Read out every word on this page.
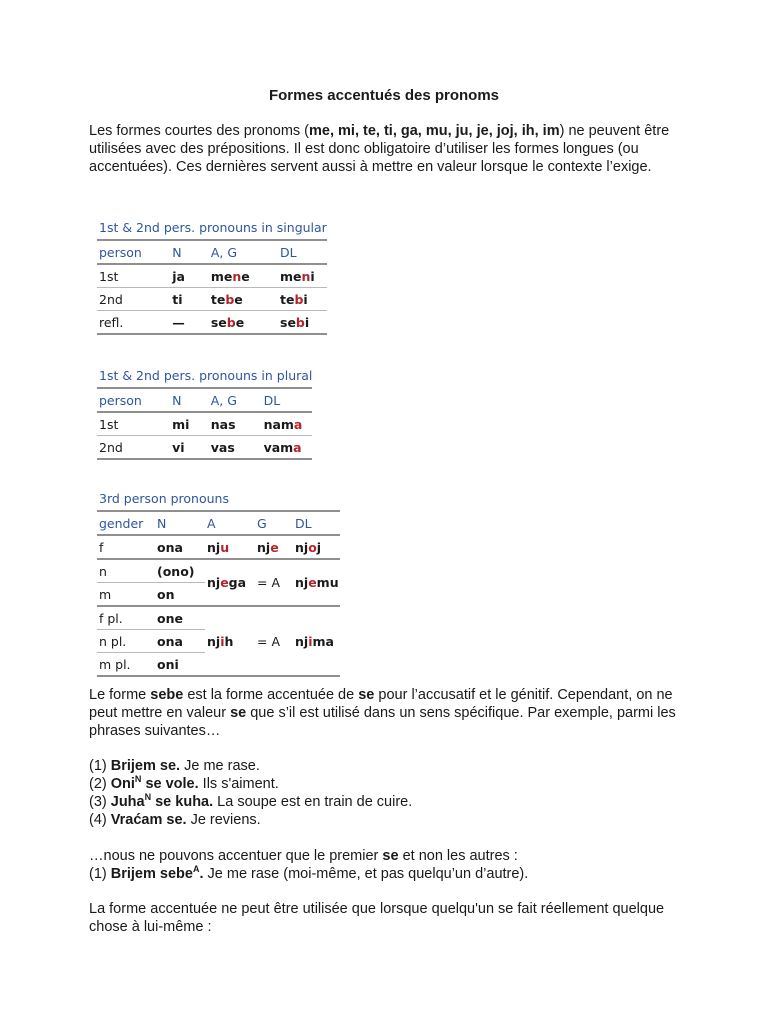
Formes accentués des pronoms
Les formes courtes des pronoms (me, mi, te, ti, ga, mu, ju, je, joj, ih, im) ne peuvent être utilisées avec des prépositions. Il est donc obligatoire d’utiliser les formes longues (ou accentuées). Ces dernières servent aussi à mettre en valeur lorsque le contexte l’exige.
1st & 2nd pers. pronouns in singular			
person	N	A, G	DL
1st	ja	mene	meni
2nd	ti	tebe	tebi
refl.	—	sebe	sebi
1st & 2nd pers. pronouns in plural			
person	N	A, G	DL
1st	mi	nas	nama
2nd	vi	vas	vama
3rd person pronouns				
gender	N	A	G	DL
f	ona	nju	nje	njoj
n	(ono)	njega	= A	njemu
m	on			
f pl.	one	njih	= A	njima
n pl.	ona			
m pl.	oni			
Le forme sebe est la forme accentuée de se pour l’accusatif et le génitif. Cependant, on ne peut mettre en valeur se que s’il est utilisé dans un sens spécifique. Par exemple, parmi les phrases suivantes…
(1) Brijem se. Je me rase.
(2) Oni$^N$ se vole. Ils s'aiment.
(3) Juha$^N$ se kuha. La soupe est en train de cuire.
(4) Vraćam se. Je reviens.
…nous ne pouvons accentuer que le premier se et non les autres :
(1) Brijem sebe$^A$. Je me rase (moi-même, et pas quelqu’un d’autre).
La forme accentuée ne peut être utilisée que lorsque quelqu'un se fait réellement quelque chose à lui-même :
